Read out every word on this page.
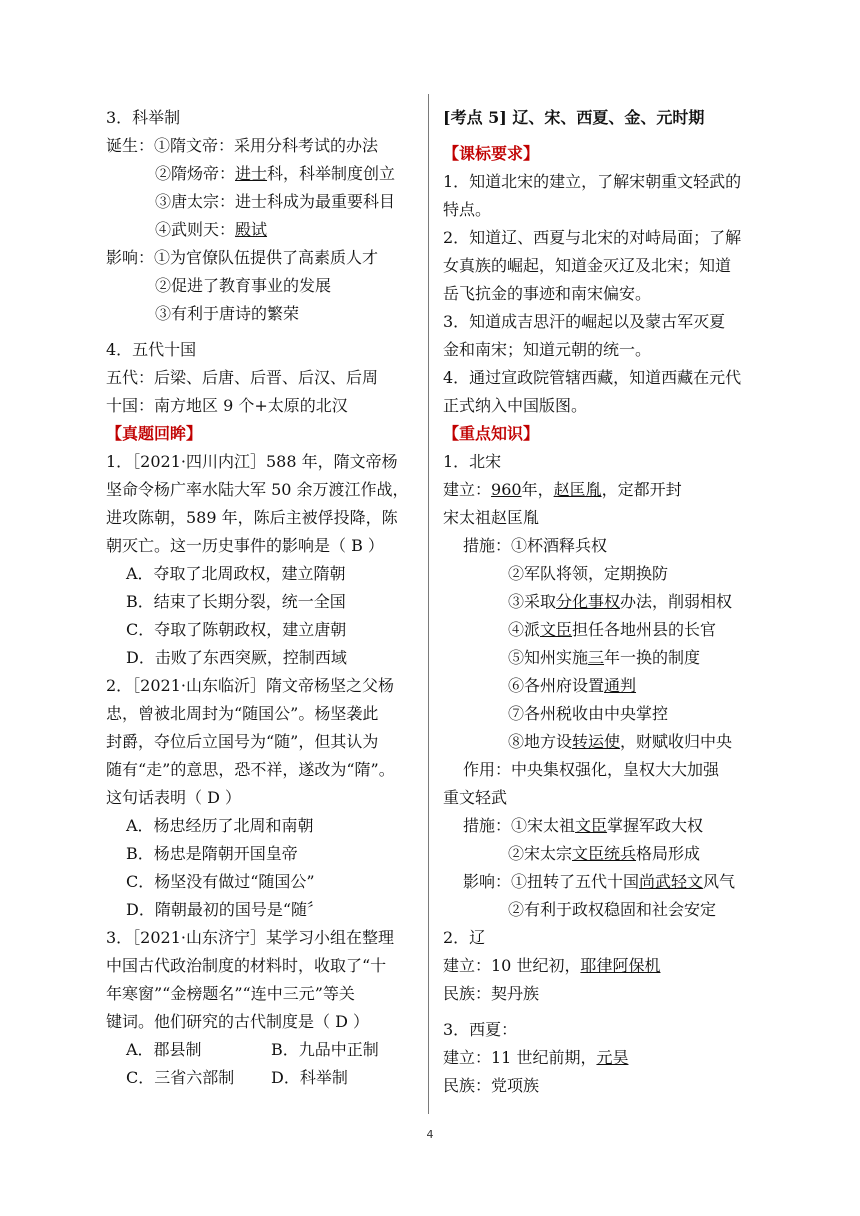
3．科举制
诞生：①隋文帝：采用分科考试的办法
②隋炀帝：进士科，科举制度创立
③唐太宗：进士科成为最重要科目
④武则天：殿试
影响：①为官僚队伍提供了高素质人才
②促进了教育事业的发展
③有利于唐诗的繁荣
4．五代十国
五代：后梁、后唐、后晋、后汉、后周
十国：南方地区 9 个+太原的北汉
【真题回眸】
1．［2021·四川内江］588 年，隋文帝杨
坚命令杨广率水陆大军 50 余万渡江作战，
进攻陈朝，589 年，陈后主被俘投降，陈
朝灭亡。这一历史事件的影响是（ B ）
A．夺取了北周政权，建立隋朝
B．结束了长期分裂，统一全国
C．夺取了陈朝政权，建立唐朝
D．击败了东西突厥，控制西域
2．［2021·山东临沂］隋文帝杨坚之父杨
忠，曾被北周封为“随国公”。杨坚袭此
封爵，夺位后立国号为“随”，但其认为
随有“走”的意思，恐不祥，遂改为“隋”。
这句话表明（ D ）
A．杨忠经历了北周和南朝
B．杨忠是隋朝开国皇帝
C．杨坚没有做过“随国公”
D．隋朝最初的国号是“随〞
3．［2021·山东济宁］某学习小组在整理
中国古代政治制度的材料时，收取了“十
年寒窗”“金榜题名”“连中三元”等关
键词。他们研究的古代制度是（ D ）
A．郡县制	B．九品中正制
C．三省六部制 D．科举制
[考点 5] 辽、宋、西夏、金、元时期
【课标要求】
1．知道北宋的建立，了解宋朝重文轻武的
特点。
2．知道辽、西夏与北宋的对峙局面；了解
女真族的崛起，知道金灭辽及北宋；知道
岳飞抗金的事迹和南宋偏安。
3．知道成吉思汗的崛起以及蒙古军灭夏
金和南宋；知道元朝的统一。
4．通过宣政院管辖西藏，知道西藏在元代
正式纳入中国版图。
【重点知识】
1．北宋
建立：960年，赵匡胤，定都开封
宋太祖赵匡胤
措施：①杯酒释兵权
②军队将领，定期换防
③采取分化事权办法，削弱相权
④派文臣担任各地州县的长官
⑤知州实施三年一换的制度
⑥各州府设置通判
⑦各州税收由中央掌控
⑧地方设转运使，财赋收归中央
作用：中央集权强化，皇权大大加强
重文轻武
措施：①宋太祖文臣掌握军政大权
②宋太宗文臣统兵格局形成
影响：①扭转了五代十国尚武轻文风气
②有利于政权稳固和社会安定
2．辽
建立：10 世纪初，耶律阿保机
民族：契丹族
3．西夏：
建立：11 世纪前期，元昊
民族：党项族
4
